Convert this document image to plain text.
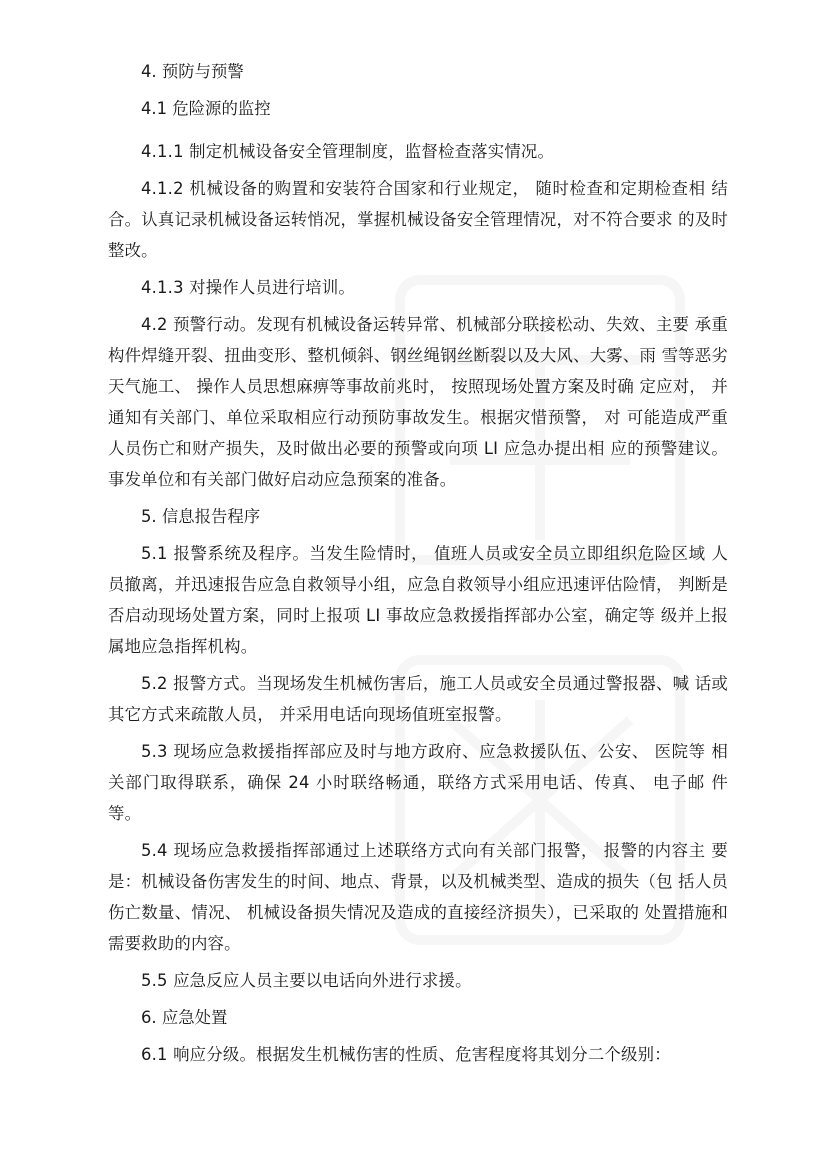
4. 预防与预警

4.1 危险源的监控

4.1.1 制定机械设备安全管理制度，监督检查落实情况。

4.1.2 机械设备的购置和安装符合国家和行业规定， 随时检查和定期检查相 结合。认真记录机械设备运转悄况，掌握机械设备安全管理情况，对不符合要求 的及时整改。

4.1.3 对操作人员进行培训。

4.2 预警行动。发现有机械设备运转异常、机械部分联接松动、失效、主要 承重构件焊缝开裂、扭曲变形、整机倾斜、钢丝绳钢丝断裂以及大风、大雾、雨 雪等恶劣天气施工、 操作人员思想麻痹等事故前兆时， 按照现场处置方案及时确 定应对， 并通知有关部门、单位采取相应行动预防事故发生。根据灾惜预警， 对 可能造成严重人员伤亡和财产损失，及时做出必要的预警或向项 LI 应急办提出相 应的预警建议。事发单位和有关部门做好启动应急预案的准备。

5. 信息报告程序

5.1 报警系统及程序。当发生险情时， 值班人员或安全员立即组织危险区域 人员撤离，并迅速报告应急自救领导小组，应急自救领导小组应迅速评估险情， 判断是否启动现场处置方案，同时上报项 LI 事故应急救援指挥部办公室，确定等 级并上报属地应急指挥机构。

5.2 报警方式。当现场发生机械伤害后，施工人员或安全员通过警报器、喊 话或其它方式来疏散人员， 并采用电话向现场值班室报警。

5.3 现场应急救援指挥部应及时与地方政府、应急救援队伍、公安、 医院等 相关部门取得联系，确保 24 小时联络畅通，联络方式采用电话、传真、 电子邮 件等。

5.4 现场应急救援指挥部通过上述联络方式向有关部门报警， 报警的内容主 要是：机械设备伤害发生的时间、地点、背景，以及机械类型、造成的损失（包 括人员伤亡数量、情况、 机械设备损失情况及造成的直接经济损失），已采取的 处置措施和需要救助的内容。

5.5 应急反应人员主要以电话向外进行求援。

6. 应急处置

6.1 响应分级。根据发生机械伤害的性质、危害程度将其划分二个级别：
